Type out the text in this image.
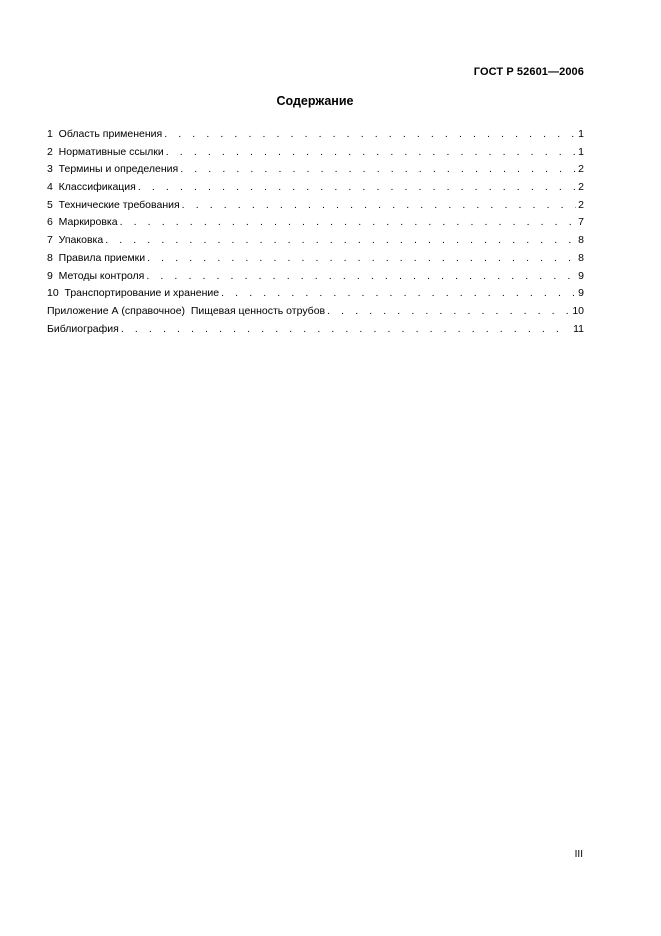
ГОСТ Р 52601—2006
Содержание
1  Область применения . . .	1
2  Нормативные ссылки . . .	1
3  Термины и определения . . .	2
4  Классификация . . .	2
5  Технические требования . . .	2
6  Маркировка . . .	7
7  Упаковка . . .	8
8  Правила приемки . . .	8
9  Методы контроля . . .	9
10  Транспортирование и хранение . . .	9
Приложение А (справочное)  Пищевая ценность отрубов . . .	10
Библиография . . .	11
III
